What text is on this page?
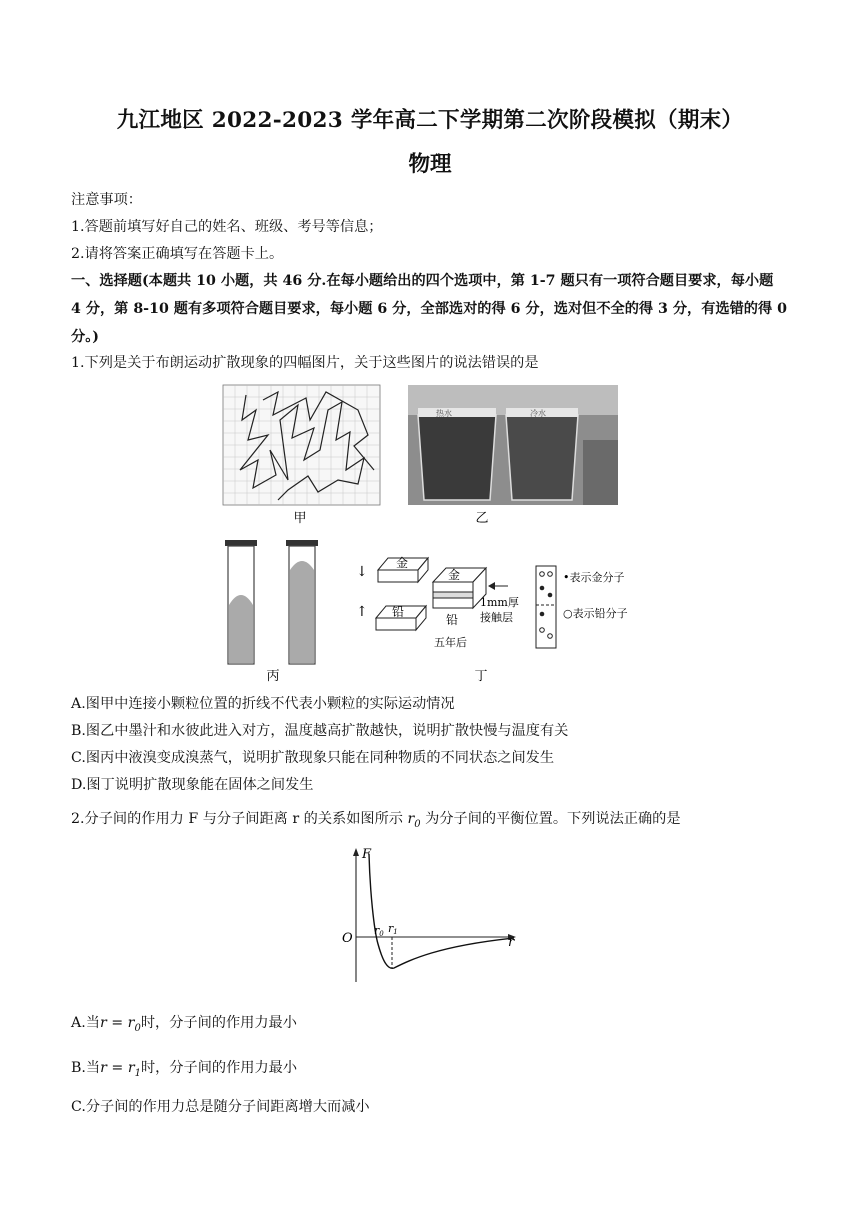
九江地区 2022-2023 学年高二下学期第二次阶段模拟（期末）
物理
注意事项：
1.答题前填写好自己的姓名、班级、考号等信息；
2.请将答案正确填写在答题卡上。
一、选择题(本题共 10 小题，共 46 分.在每小题给出的四个选项中，第 1-7 题只有一项符合题目要求，每小题
4 分，第 8-10 题有多项符合题目要求，每小题 6 分，全部选对的得 6 分，选对但不全的得 3 分，有选错的得 0
分。)
1.下列是关于布朗运动扩散现象的四幅图片，关于这些图片的说法错误的是
甲
热水	冷水
乙
丙
↓
↑
金
铅
金
铅
五年后
1mm厚
接触层
•表示金分子
○表示铅分子
丁
A.图甲中连接小颗粒位置的折线不代表小颗粒的实际运动情况
B.图乙中墨汁和水彼此进入对方，温度越高扩散越快，说明扩散快慢与温度有关
C.图丙中液溴变成溴蒸气，说明扩散现象只能在同种物质的不同状态之间发生
D.图丁说明扩散现象能在固体之间发生
2.分子间的作用力 F 与分子间距离 r 的关系如图所示 $r_0$ 为分子间的平衡位置。下列说法正确的是
F
O	r
r0 r1
A.当$r = r_0$时，分子间的作用力最小
B.当$r = r_1$时，分子间的作用力最小
C.分子间的作用力总是随分子间距离增大而减小
